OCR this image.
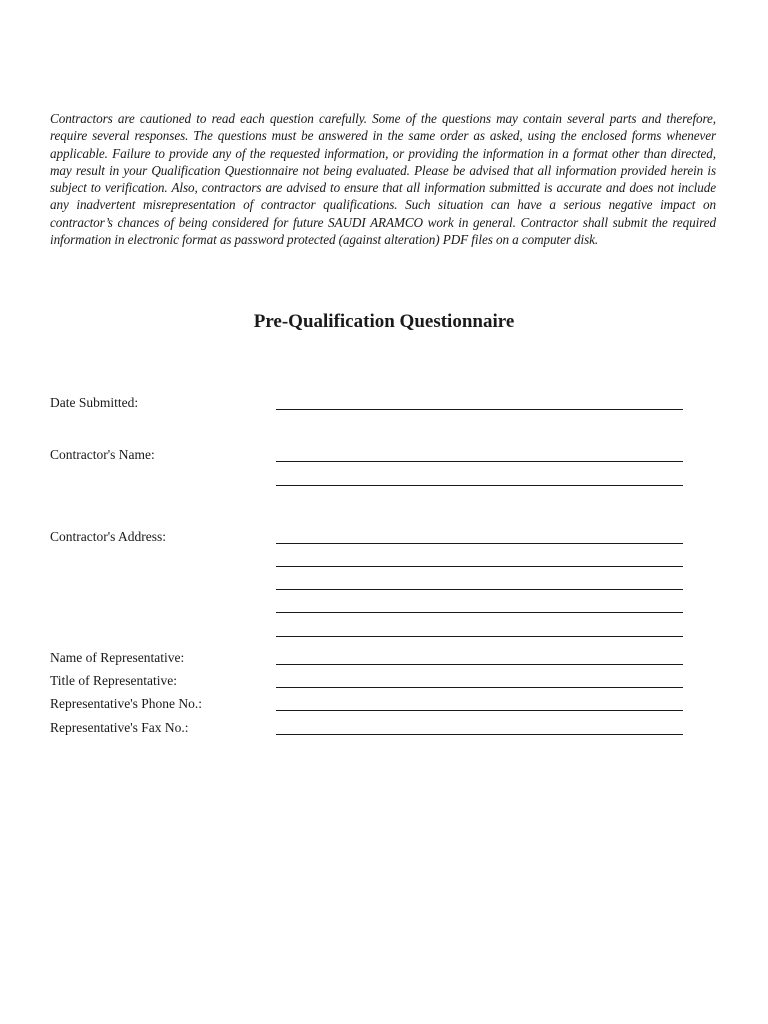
Contractors are cautioned to read each question carefully. Some of the questions may contain several parts and therefore, require several responses. The questions must be answered in the same order as asked, using the enclosed forms whenever applicable. Failure to provide any of the requested information, or providing the information in a format other than directed, may result in your Qualification Questionnaire not being evaluated. Please be advised that all information provided herein is subject to verification. Also, contractors are advised to ensure that all information submitted is accurate and does not include any inadvertent misrepresentation of contractor qualifications. Such situation can have a serious negative impact on contractor’s chances of being considered for future SAUDI ARAMCO work in general. Contractor shall submit the required information in electronic format as password protected (against alteration) PDF files on a computer disk.

Pre-Qualification Questionnaire
Date Submitted:
Contractor's Name:
Contractor's Address:
Name of Representative:
Title of Representative:
Representative's Phone No.:
Representative's Fax No.:
